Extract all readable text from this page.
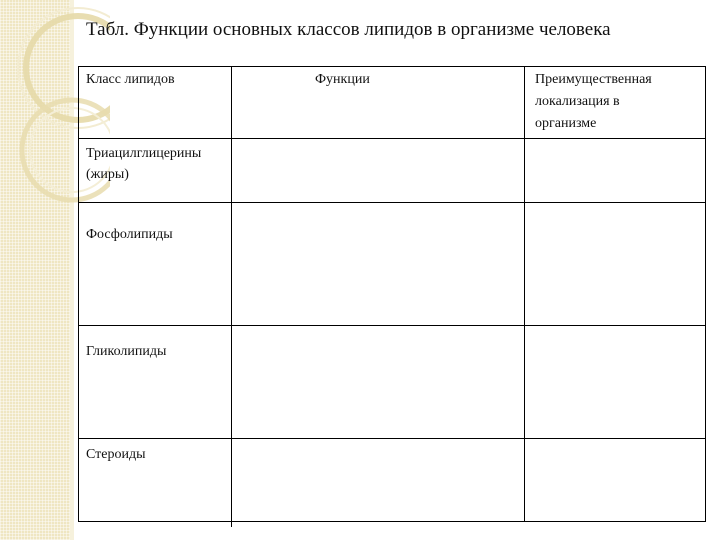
Табл. Функции основных классов липидов в организме человека
Класс липидов	Функции	Преимущественная
локализация в
организме
Триацилглицерины
(жиры)
Фосфолипиды
Гликолипиды
Стероиды
